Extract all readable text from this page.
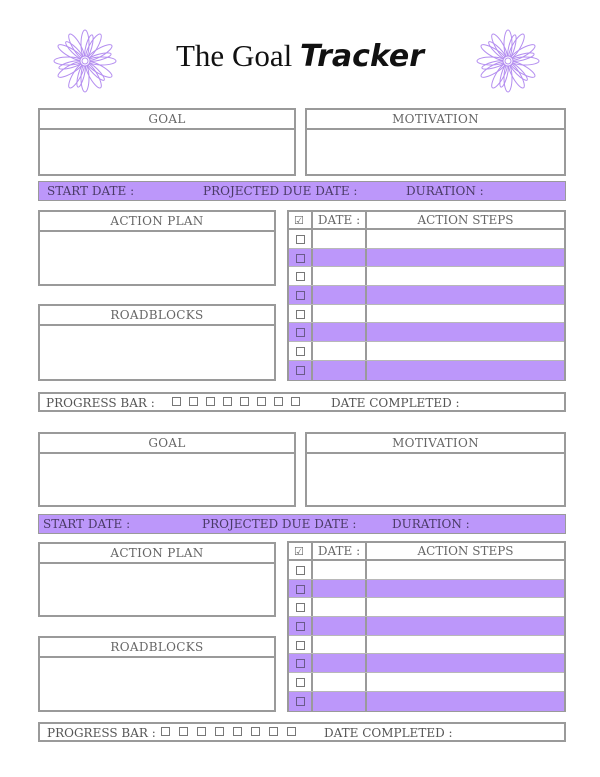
The Goal Tracker
GOAL	MOTIVATION
START DATE :	PROJECTED DUE DATE :	DURATION :
ACTION PLAN
ROADBLOCKS
☑	DATE :	ACTION STEPS
PROGRESS BAR :	DATE COMPLETED :
GOAL	MOTIVATION
START DATE :	PROJECTED DUE DATE :	DURATION :
ACTION PLAN
ROADBLOCKS
☑	DATE :	ACTION STEPS
PROGRESS BAR :	DATE COMPLETED :
